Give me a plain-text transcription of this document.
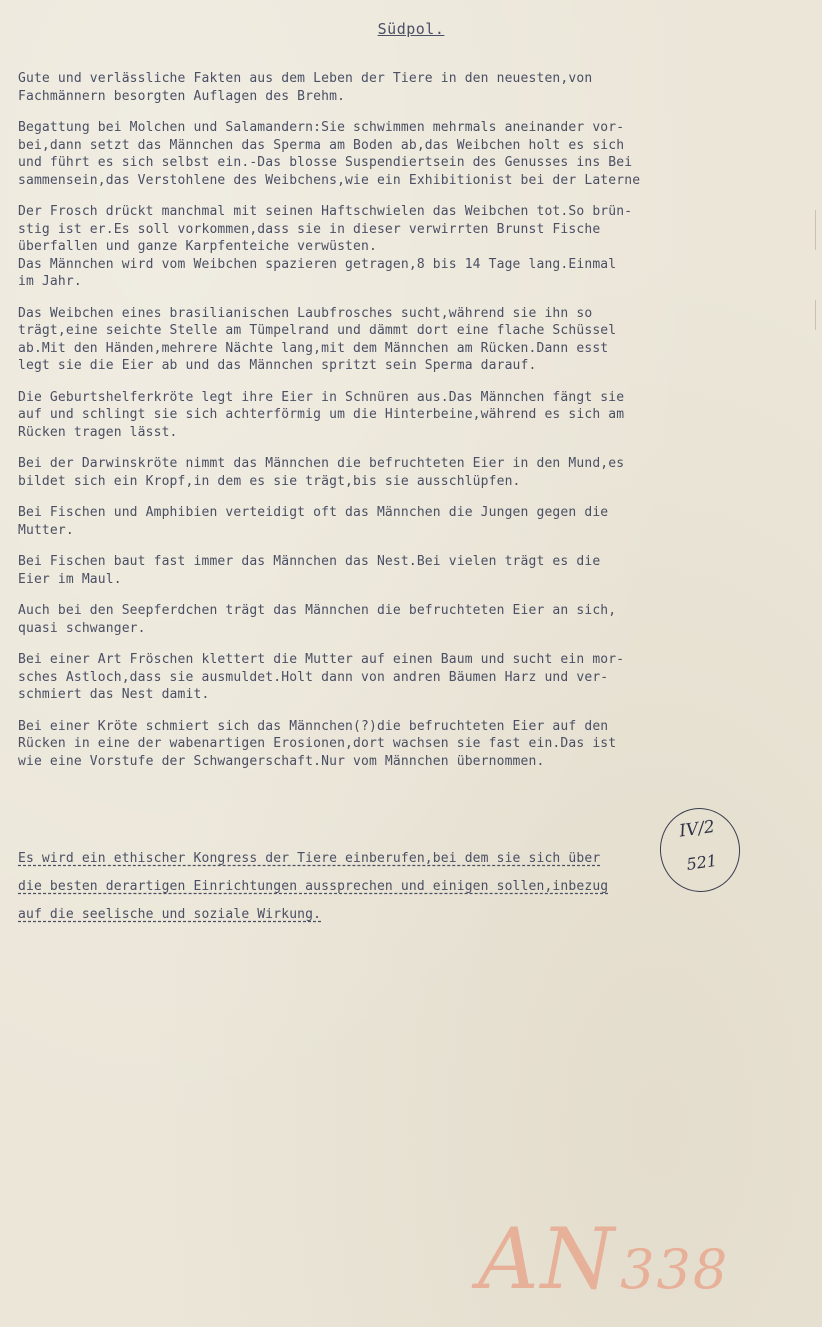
Südpol.
Gute und verlässliche Fakten aus dem Leben der Tiere in den neuesten,von
Fachmännern besorgten Auflagen des Brehm.
Begattung bei Molchen und Salamandern:Sie schwimmen mehrmals aneinander vor-
bei,dann setzt das Männchen das Sperma am Boden ab,das Weibchen holt es sich
und führt es sich selbst ein.-Das blosse Suspendiertsein des Genusses ins Bei
sammensein,das Verstohlene des Weibchens,wie ein Exhibitionist bei der Laterne
Der Frosch drückt manchmal mit seinen Haftschwielen das Weibchen tot.So brün-
stig ist er.Es soll vorkommen,dass sie in dieser verwirrten Brunst Fische
überfallen und ganze Karpfenteiche verwüsten.
Das Männchen wird vom Weibchen spazieren getragen,8 bis 14 Tage lang.Einmal
im Jahr.
Das Weibchen eines brasilianischen Laubfrosches sucht,während sie ihn so
trägt,eine seichte Stelle am Tümpelrand und dämmt dort eine flache Schüssel
ab.Mit den Händen,mehrere Nächte lang,mit dem Männchen am Rücken.Dann esst
legt sie die Eier ab und das Männchen spritzt sein Sperma darauf.
Die Geburtshelferkröte legt ihre Eier in Schnüren aus.Das Männchen fängt sie
auf und schlingt sie sich achterförmig um die Hinterbeine,während es sich am
Rücken tragen lässt.
Bei der Darwinskröte nimmt das Männchen die befruchteten Eier in den Mund,es
bildet sich ein Kropf,in dem es sie trägt,bis sie ausschlüpfen.
Bei Fischen und Amphibien verteidigt oft das Männchen die Jungen gegen die
Mutter.
Bei Fischen baut fast immer das Männchen das Nest.Bei vielen trägt es die
Eier im Maul.
Auch bei den Seepferdchen trägt das Männchen die befruchteten Eier an sich,
quasi schwanger.
Bei einer Art Fröschen klettert die Mutter auf einen Baum und sucht ein mor-
sches Astloch,dass sie ausmuldet.Holt dann von andren Bäumen Harz und ver-
schmiert das Nest damit.
Bei einer Kröte schmiert sich das Männchen(?)die befruchteten Eier auf den
Rücken in eine der wabenartigen Erosionen,dort wachsen sie fast ein.Das ist
wie eine Vorstufe der Schwangerschaft.Nur vom Männchen übernommen.
Es wird ein ethischer Kongress der Tiere einberufen,bei dem sie sich über
die besten derartigen Einrichtungen aussprechen und einigen sollen,inbezug
auf die seelische und soziale Wirkung.
IV/2
521
AN338
